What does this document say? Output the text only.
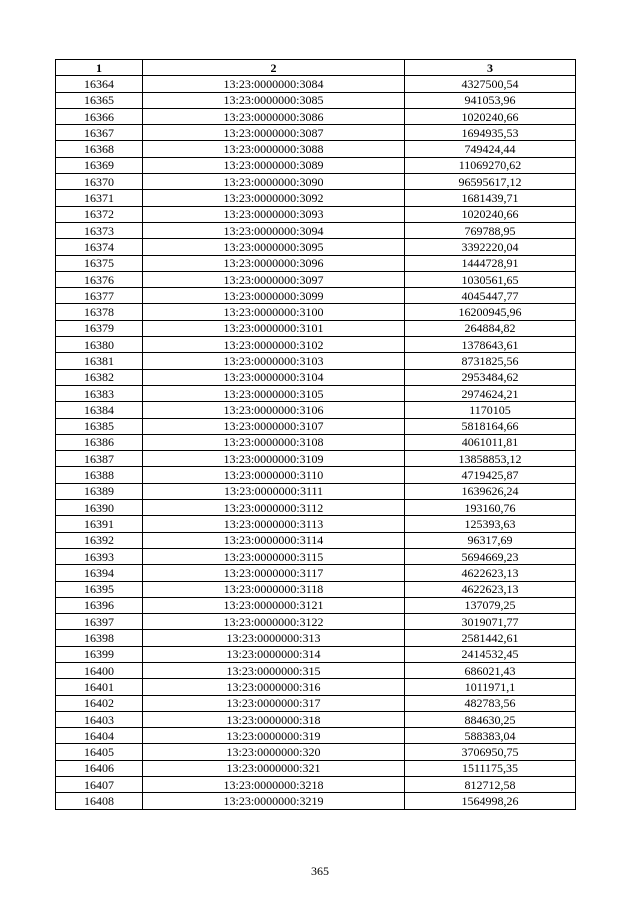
1	2	3
16364	13:23:0000000:3084	4327500,54
16365	13:23:0000000:3085	941053,96
16366	13:23:0000000:3086	1020240,66
16367	13:23:0000000:3087	1694935,53
16368	13:23:0000000:3088	749424,44
16369	13:23:0000000:3089	11069270,62
16370	13:23:0000000:3090	96595617,12
16371	13:23:0000000:3092	1681439,71
16372	13:23:0000000:3093	1020240,66
16373	13:23:0000000:3094	769788,95
16374	13:23:0000000:3095	3392220,04
16375	13:23:0000000:3096	1444728,91
16376	13:23:0000000:3097	1030561,65
16377	13:23:0000000:3099	4045447,77
16378	13:23:0000000:3100	16200945,96
16379	13:23:0000000:3101	264884,82
16380	13:23:0000000:3102	1378643,61
16381	13:23:0000000:3103	8731825,56
16382	13:23:0000000:3104	2953484,62
16383	13:23:0000000:3105	2974624,21
16384	13:23:0000000:3106	1170105
16385	13:23:0000000:3107	5818164,66
16386	13:23:0000000:3108	4061011,81
16387	13:23:0000000:3109	13858853,12
16388	13:23:0000000:3110	4719425,87
16389	13:23:0000000:3111	1639626,24
16390	13:23:0000000:3112	193160,76
16391	13:23:0000000:3113	125393,63
16392	13:23:0000000:3114	96317,69
16393	13:23:0000000:3115	5694669,23
16394	13:23:0000000:3117	4622623,13
16395	13:23:0000000:3118	4622623,13
16396	13:23:0000000:3121	137079,25
16397	13:23:0000000:3122	3019071,77
16398	13:23:0000000:313	2581442,61
16399	13:23:0000000:314	2414532,45
16400	13:23:0000000:315	686021,43
16401	13:23:0000000:316	1011971,1
16402	13:23:0000000:317	482783,56
16403	13:23:0000000:318	884630,25
16404	13:23:0000000:319	588383,04
16405	13:23:0000000:320	3706950,75
16406	13:23:0000000:321	1511175,35
16407	13:23:0000000:3218	812712,58
16408	13:23:0000000:3219	1564998,26
365
